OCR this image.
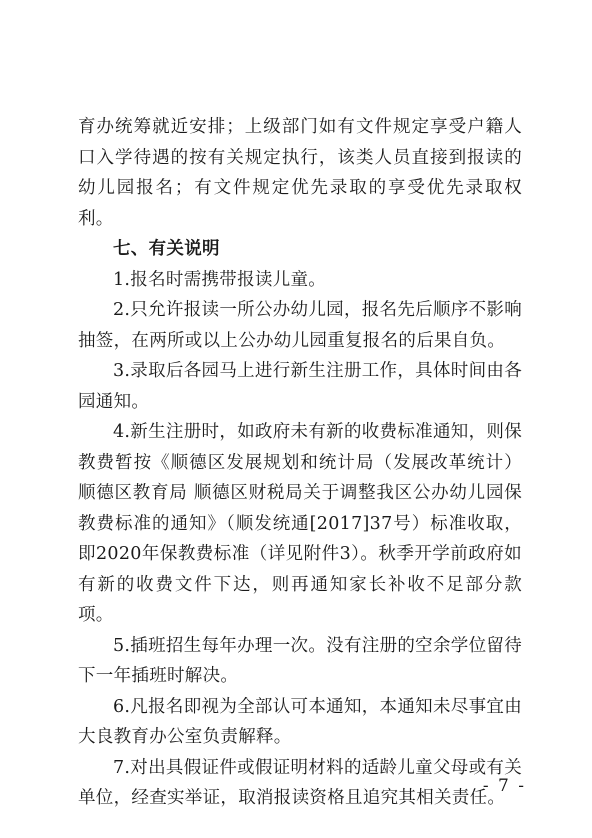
育办统筹就近安排；上级部门如有文件规定享受户籍人口入学待遇的按有关规定执行，该类人员直接到报读的幼儿园报名；有文件规定优先录取的享受优先录取权利。

七、有关说明

1.报名时需携带报读儿童。

2.只允许报读一所公办幼儿园，报名先后顺序不影响抽签，在两所或以上公办幼儿园重复报名的后果自负。

3.录取后各园马上进行新生注册工作，具体时间由各园通知。

4.新生注册时，如政府未有新的收费标准通知，则保教费暂按《顺德区发展规划和统计局（发展改革统计）顺德区教育局 顺德区财税局关于调整我区公办幼儿园保教费标准的通知》（顺发统通[2017]37号）标准收取，即2020年保教费标准（详见附件3）。秋季开学前政府如有新的收费文件下达，则再通知家长补收不足部分款项。

5.插班招生每年办理一次。没有注册的空余学位留待下一年插班时解决。

6.凡报名即视为全部认可本通知，本通知未尽事宜由大良教育办公室负责解释。

7.对出具假证件或假证明材料的适龄儿童父母或有关单位，经查实举证，取消报读资格且追究其相关责任。

- 7 -
